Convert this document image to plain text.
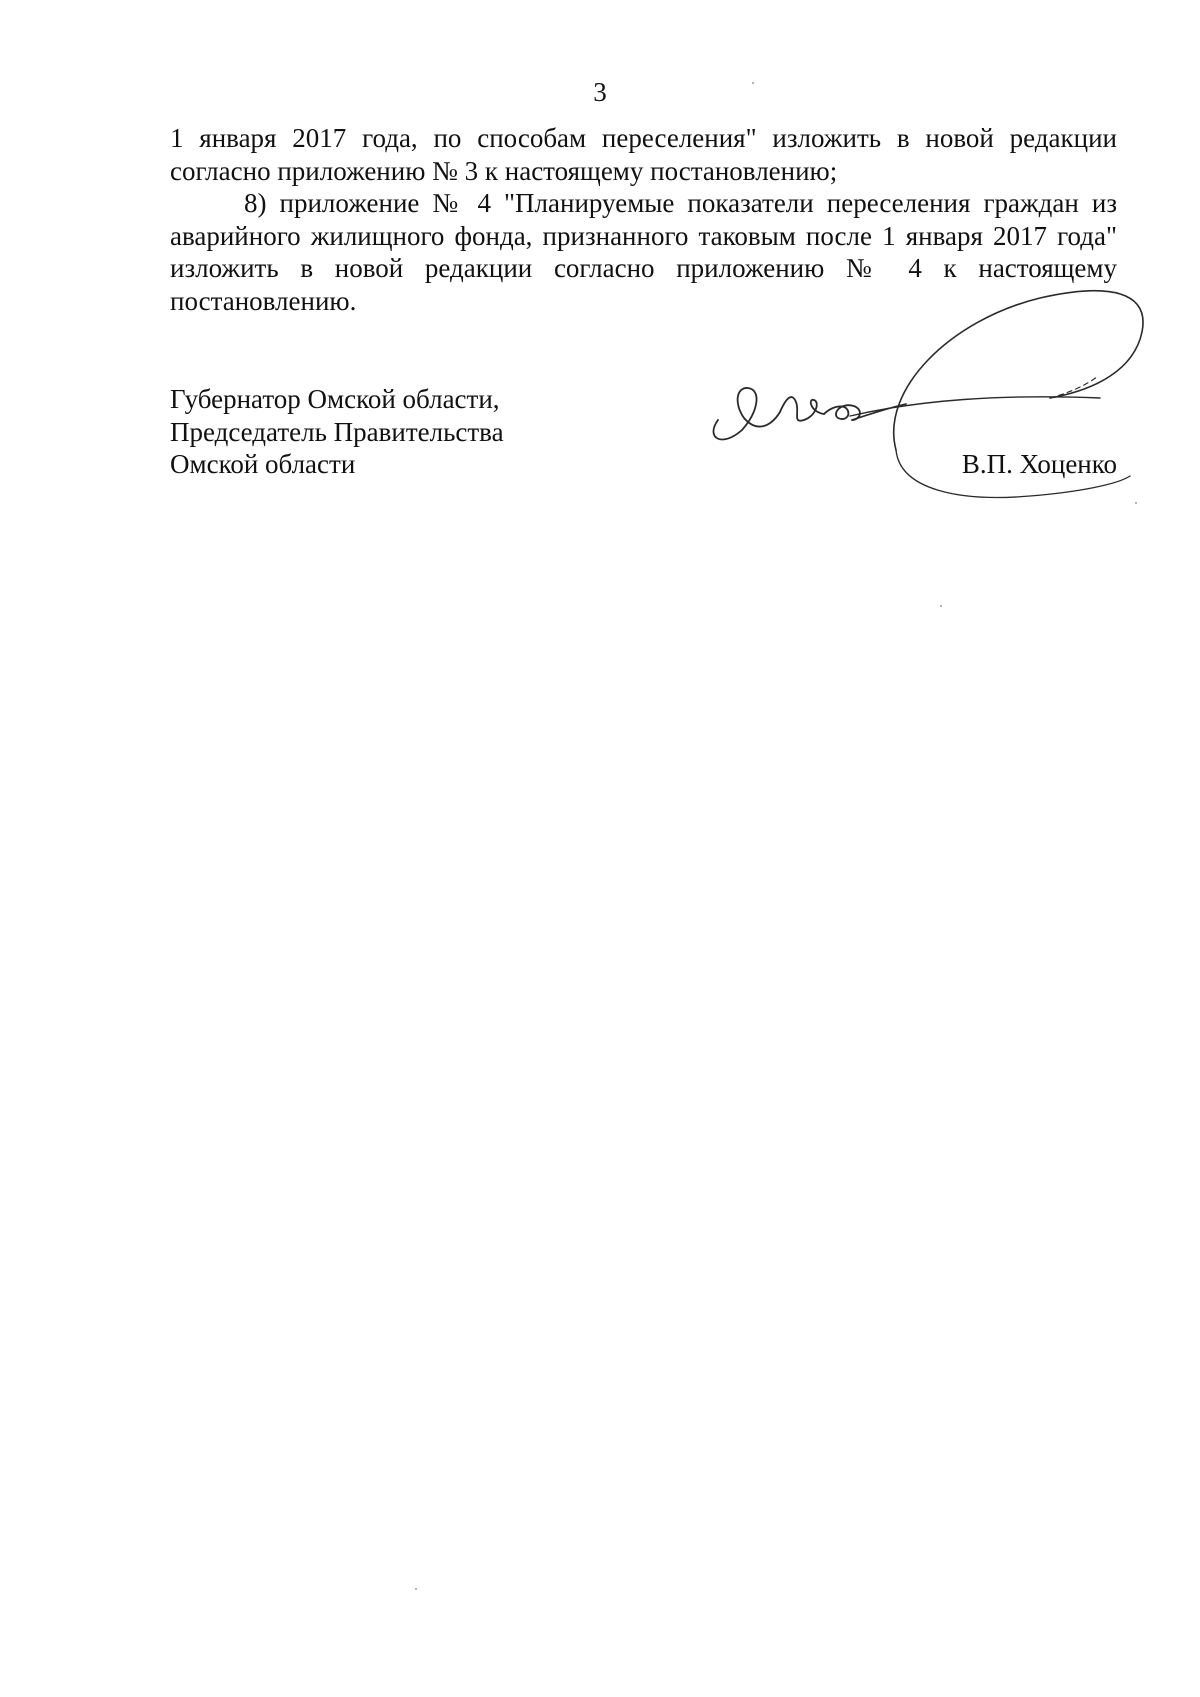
3

1 января 2017 года, по способам переселения" изложить в новой редакции согласно приложению № 3 к настоящему постановлению;

8) приложение № 4 "Планируемые показатели переселения граждан из аварийного жилищного фонда, признанного таковым после 1 января 2017 года" изложить в новой редакции согласно приложению № 4 к настоящему постановлению.

Губернатор Омской области,
Председатель Правительства
Омской области	В.П. Хоценко
